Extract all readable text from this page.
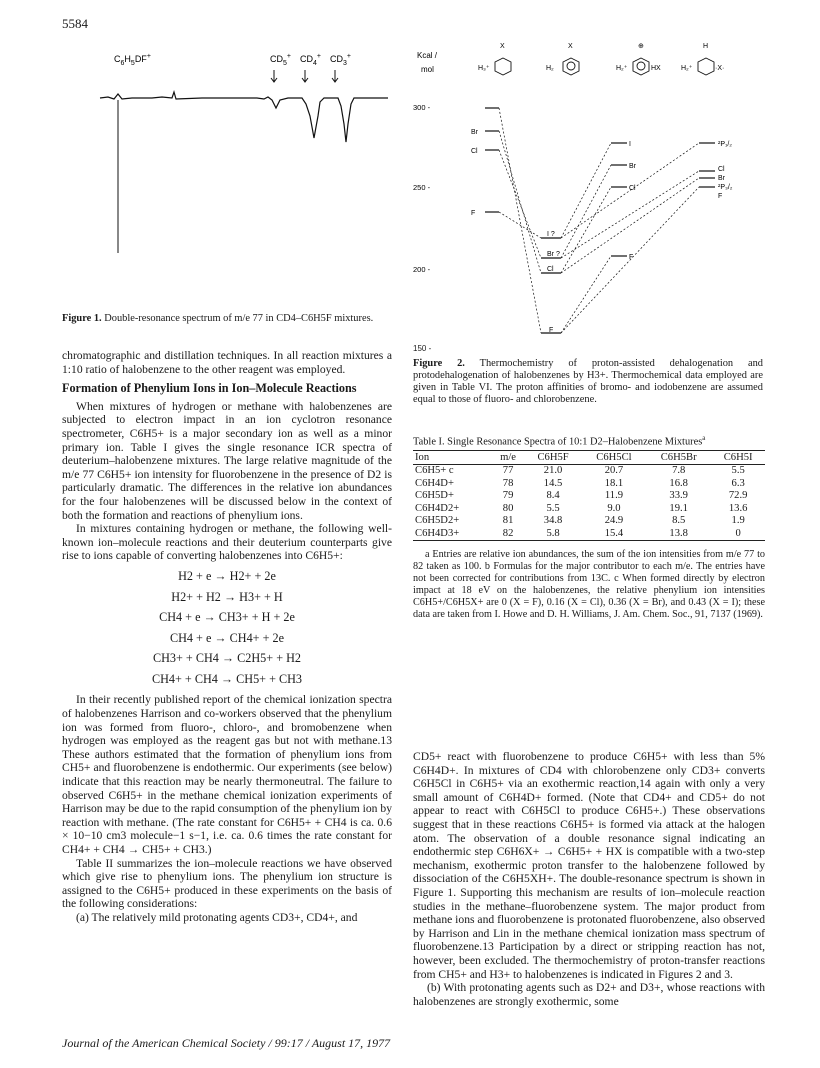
5584
$C_6H_5DF^+$	$CD_5^+$ $CD_4^+$ $CD_3^+$
Figure 1. Double-resonance spectrum of m/e 77 in CD4–C6H5F mixtures.
Kcal /
mol
300 -
250 -
200 -
X	X	⊕	H
H₃⁺	H₂	H₂⁺	HX	H₂⁺	·X·
Br
Cl
F
I
Br
Cl
F
I ?
Br ?
Cl
F
²P₁/₂
Cl
Br
²P₃/₂
F
150 -
Figure 2. Thermochemistry of proton-assisted dehalogenation and protodehalogenation of halobenzenes by H3+. Thermochemical data employed are given in Table VI. The proton affinities of bromo- and iodobenzene are assumed equal to those of fluoro- and chlorobenzene.

chromatographic and distillation techniques. In all reaction mixtures a 1:10 ratio of halobenzene to the other reagent was employed.

Formation of Phenylium Ions in Ion–Molecule Reactions

When mixtures of hydrogen or methane with halobenzenes are subjected to electron impact in an ion cyclotron resonance spectrometer, C6H5+ is a major secondary ion as well as a minor primary ion. Table I gives the single resonance ICR spectra of deuterium–halobenzene mixtures. The large relative magnitude of the m/e 77 C6H5+ ion intensity for fluorobenzene in the presence of D2 is particularly dramatic. The differences in the relative ion abundances for the four halobenzenes will be discussed below in the context of both the formation and reactions of phenylium ions.

In mixtures containing hydrogen or methane, the following well-known ion–molecule reactions and their deuterium counterparts give rise to ions capable of converting halobenzenes into C6H5+:

H2 + e → H2+ + 2e
H2+ + H2 → H3+ + H
CH4 + e → CH3+ + H + 2e
CH4 + e → CH4+ + 2e
CH3+ + CH4 → C2H5+ + H2
CH4+ + CH4 → CH5+ + CH3

In their recently published report of the chemical ionization spectra of halobenzenes Harrison and co-workers observed that the phenylium ion was formed from fluoro-, chloro-, and bromobenzene when hydrogen was employed as the reagent gas but not with methane.13 These authors estimated that the formation of phenylium ions from CH5+ and fluorobenzene is endothermic. Our experiments (see below) indicate that this reaction may be nearly thermoneutral. The failure to observed C6H5+ in the methane chemical ionization experiments of Harrison may be due to the rapid consumption of the phenylium ion by reaction with methane. (The rate constant for C6H5+ + CH4 is ca. 0.6 × 10−10 cm3 molecule−1 s−1, i.e. ca. 0.6 times the rate constant for CH4+ + CH4 → CH5+ + CH3.)

Table II summarizes the ion–molecule reactions we have observed which give rise to phenylium ions. The phenylium ion structure is assigned to the C6H5+ produced in these experiments on the basis of the following considerations:

(a) The relatively mild protonating agents CD3+, CD4+, and

Table I. Single Resonance Spectra of 10:1 D2–Halobenzene Mixtures$^a$
Ion	m/e	C6H5F	C6H5Cl	C6H5Br	C6H5I
C6H5+ c	77	21.0	20.7	7.8	5.5
C6H4D+	78	14.5	18.1	16.8	6.3
C6H5D+	79	8.4	11.9	33.9	72.9
C6H4D2+	80	5.5	9.0	19.1	13.6
C6H5D2+	81	34.8	24.9	8.5	1.9
C6H4D3+	82	5.8	15.4	13.8	0
a Entries are relative ion abundances, the sum of the ion intensities from m/e 77 to 82 taken as 100. b Formulas for the major contributor to each m/e. The entries have not been corrected for contributions from 13C. c When formed directly by electron impact at 18 eV on the halobenzenes, the relative phenylium ion intensities C6H5+/C6H5X+ are 0 (X = F), 0.16 (X = Cl), 0.36 (X = Br), and 0.43 (X = I); these data are taken from I. Howe and D. H. Williams, J. Am. Chem. Soc., 91, 7137 (1969).

CD5+ react with fluorobenzene to produce C6H5+ with less than 5% C6H4D+. In mixtures of CD4 with chlorobenzene only CD3+ converts C6H5Cl in C6H5+ via an exothermic reaction,14 again with only a very small amount of C6H4D+ formed. (Note that CD4+ and CD5+ do not appear to react with C6H5Cl to produce C6H5+.) These observations suggest that in these reactions C6H5+ is formed via attack at the halogen atom. The observation of a double resonance signal indicating an endothermic step C6H6X+ → C6H5+ + HX is compatible with a two-step mechanism, exothermic proton transfer to the halobenzene followed by dissociation of the C6H5XH+. The double-resonance spectrum is shown in Figure 1. Supporting this mechanism are results of ion–molecule reaction studies in the methane–fluorobenzene system. The major product from methane ions and fluorobenzene is protonated fluorobenzene, also observed by Harrison and Lin in the methane chemical ionization mass spectrum of fluorobenzene.13 Participation by a direct or stripping reaction has not, however, been excluded. The thermochemistry of proton-transfer reactions from CH5+ and H3+ to halobenzenes is indicated in Figures 2 and 3.

(b) With protonating agents such as D2+ and D3+, whose reactions with halobenzenes are strongly exothermic, some

Journal of the American Chemical Society / 99:17 / August 17, 1977
